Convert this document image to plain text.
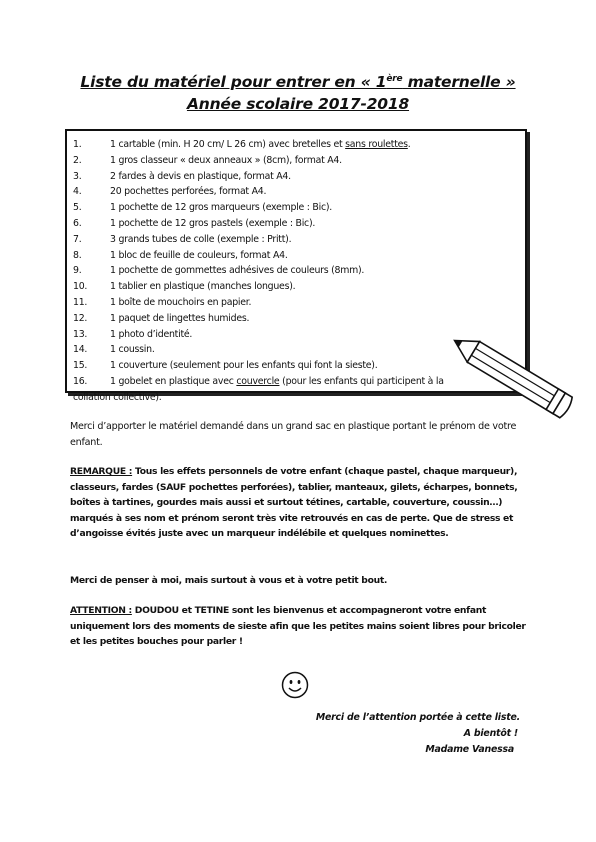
Liste du matériel pour entrer en « 1ère maternelle »
Année scolaire 2017-2018
1.	1 cartable (min. H 20 cm/ L 26 cm) avec bretelles et sans roulettes.
2.	1 gros classeur « deux anneaux » (8cm), format A4.
3.	2 fardes à devis en plastique, format A4.
4.	20 pochettes perforées, format A4.
5.	1 pochette de 12 gros marqueurs (exemple : Bic).
6.	1 pochette de 12 gros pastels (exemple : Bic).
7.	3 grands tubes de colle (exemple : Pritt).
8.	1 bloc de feuille de couleurs, format A4.
9.	1 pochette de gommettes adhésives de couleurs (8mm).
10. 1 tablier en plastique (manches longues).
11. 1 boîte de mouchoirs en papier.
12. 1 paquet de lingettes humides.
13. 1 photo d’identité.
14. 1 coussin.
15. 1 couverture (seulement pour les enfants qui font la sieste).
16. 1 gobelet en plastique avec couvercle (pour les enfants qui participent à la
collation collective).

Merci d’apporter le matériel demandé dans un grand sac en plastique portant le prénom de votre enfant.

REMARQUE : Tous les effets personnels de votre enfant (chaque pastel, chaque marqueur), classeurs, fardes (SAUF pochettes perforées), tablier, manteaux, gilets, écharpes, bonnets, boîtes à tartines, gourdes mais aussi et surtout tétines, cartable, couverture, coussin…) marqués à ses nom et prénom seront très vite retrouvés en cas de perte. Que de stress et d’angoisse évités juste avec un marqueur indélébile et quelques nominettes.

Merci de penser à moi, mais surtout à vous et à votre petit bout.

ATTENTION : DOUDOU et TETINE sont les bienvenus et accompagneront votre enfant uniquement lors des moments de sieste afin que les petites mains soient libres pour bricoler et les petites bouches pour parler !

Merci de l’attention portée à cette liste.
A bientôt !
Madame Vanessa
